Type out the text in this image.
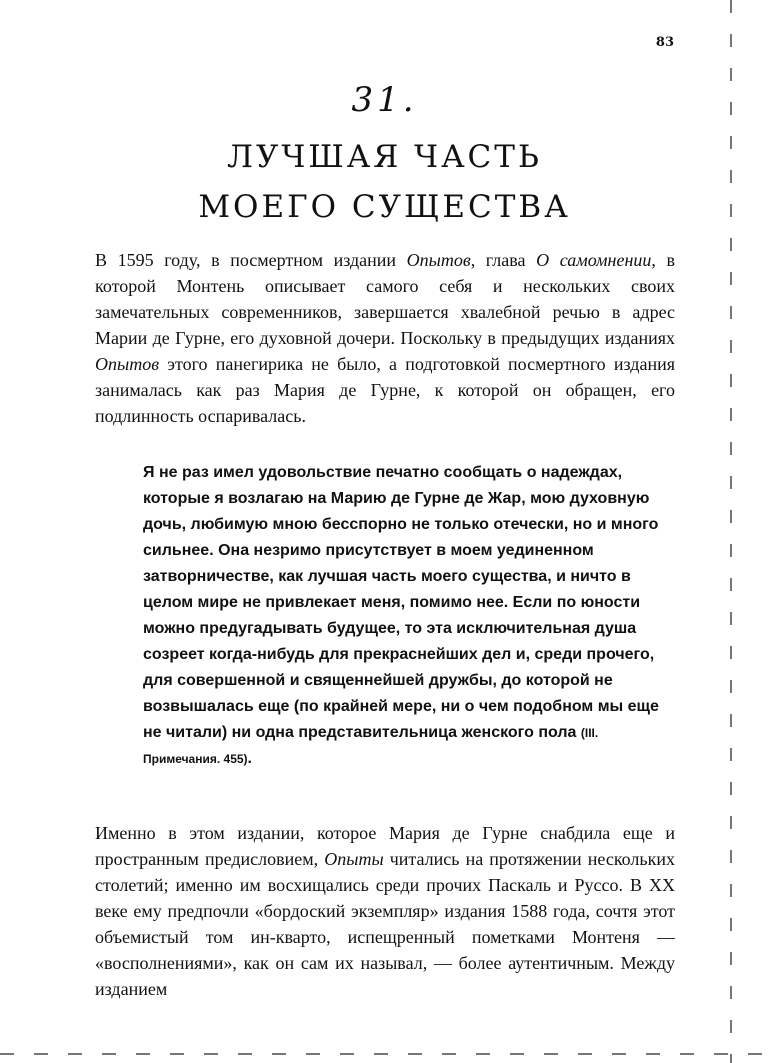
83
31.
ЛУЧШАЯ ЧАСТЬ
МОЕГО СУЩЕСТВА

В 1595 году, в посмертном издании Опытов, глава О самомнении, в которой Монтень описывает самого себя и нескольких своих замечательных современников, завершается хвалебной речью в адрес Марии де Гурне, его духовной дочери. Поскольку в предыдущих изданиях Опытов этого панегирика не было, а подготовкой посмертного издания занималась как раз Мария де Гурне, к которой он обращен, его подлинность оспаривалась.

Я не раз имел удовольствие печатно сообщать о надеждах, которые я возлагаю на Марию де Гурне де Жар, мою духовную дочь, любимую мною бесспорно не только отечески, но и много сильнее. Она незримо присутствует в моем уединенном затворничестве, как лучшая часть моего существа, и ничто в целом мире не привлекает меня, помимо нее. Если по юности можно предугадывать будущее, то эта исключительная душа созреет когда-нибудь для прекраснейших дел и, среди прочего, для совершенной и священнейшей дружбы, до которой не возвышалась еще (по крайней мере, ни о чем подобном мы еще не читали) ни одна представительница женского пола (III. Примечания. 455).

Именно в этом издании, которое Мария де Гурне снабдила еще и пространным предисловием, Опыты читались на протяжении нескольких столетий; именно им восхищались среди прочих Паскаль и Руссо. В XX веке ему предпочли «бордоский экземпляр» издания 1588 года, сочтя этот объемистый том ин-кварто, испещренный пометками Монтеня — «восполнениями», как он сам их называл, — более аутентичным. Между изданием
